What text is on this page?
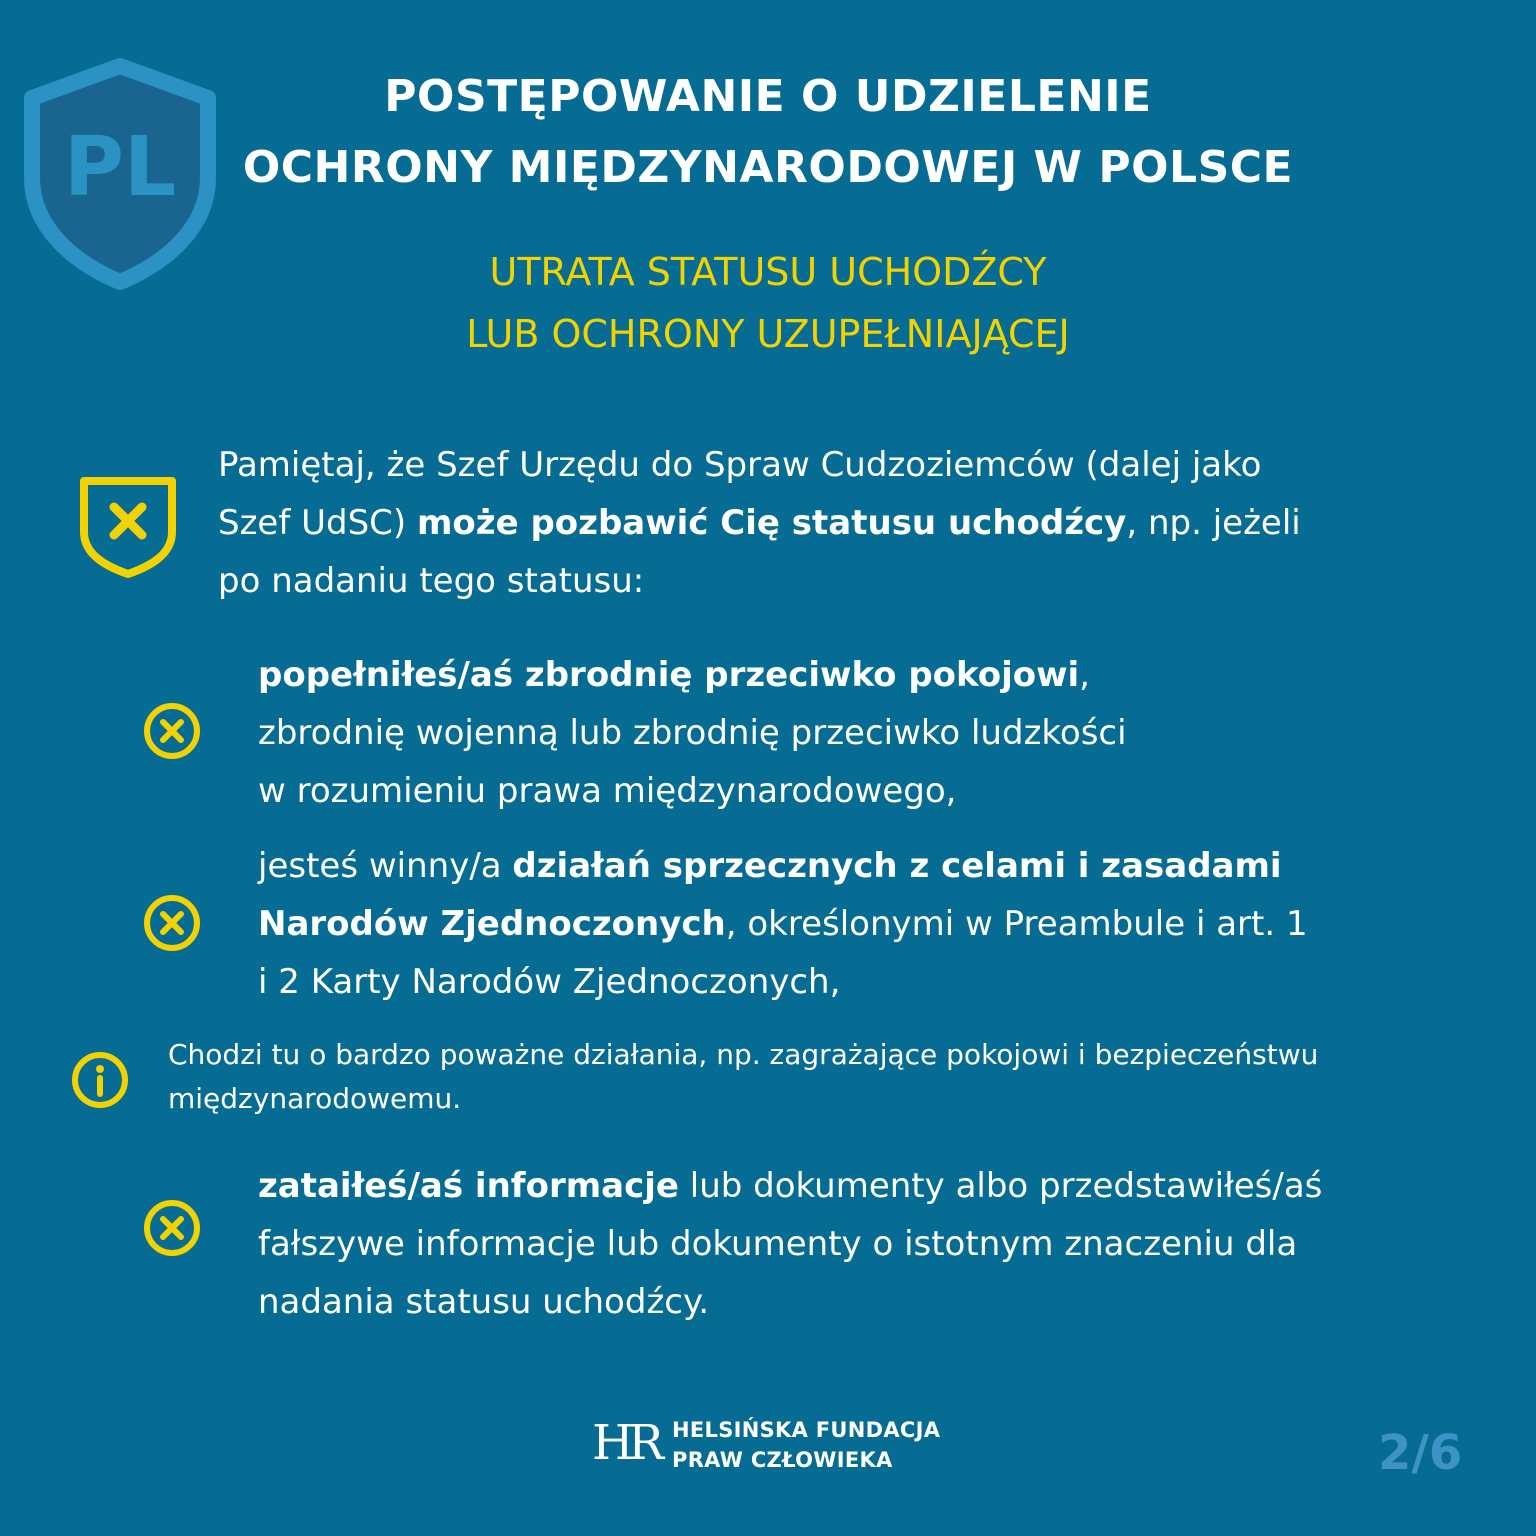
PL
POSTĘPOWANIE O UDZIELENIE
OCHRONY MIĘDZYNARODOWEJ W POLSCE
UTRATA STATUSU UCHODŹCY
LUB OCHRONY UZUPEŁNIAJĄCEJ
Pamiętaj, że Szef Urzędu do Spraw Cudzoziemców (dalej jako
Szef UdSC) może pozbawić Cię statusu uchodźcy, np. jeżeli
po nadaniu tego statusu:
popełniłeś/aś zbrodnię przeciwko pokojowi,
zbrodnię wojenną lub zbrodnię przeciwko ludzkości
w rozumieniu prawa międzynarodowego,
jesteś winny/a działań sprzecznych z celami i zasadami
Narodów Zjednoczonych, określonymi w Preambule i art. 1
i 2 Karty Narodów Zjednoczonych,
Chodzi tu o bardzo poważne działania, np. zagrażające pokojowi i bezpieczeństwu
międzynarodowemu.
zataiłeś/aś informacje lub dokumenty albo przedstawiłeś/aś
fałszywe informacje lub dokumenty o istotnym znaczeniu dla
nadania statusu uchodźcy.
HR HELSIŃSKA FUNDACJA
PRAW CZŁOWIEKA	2/6
